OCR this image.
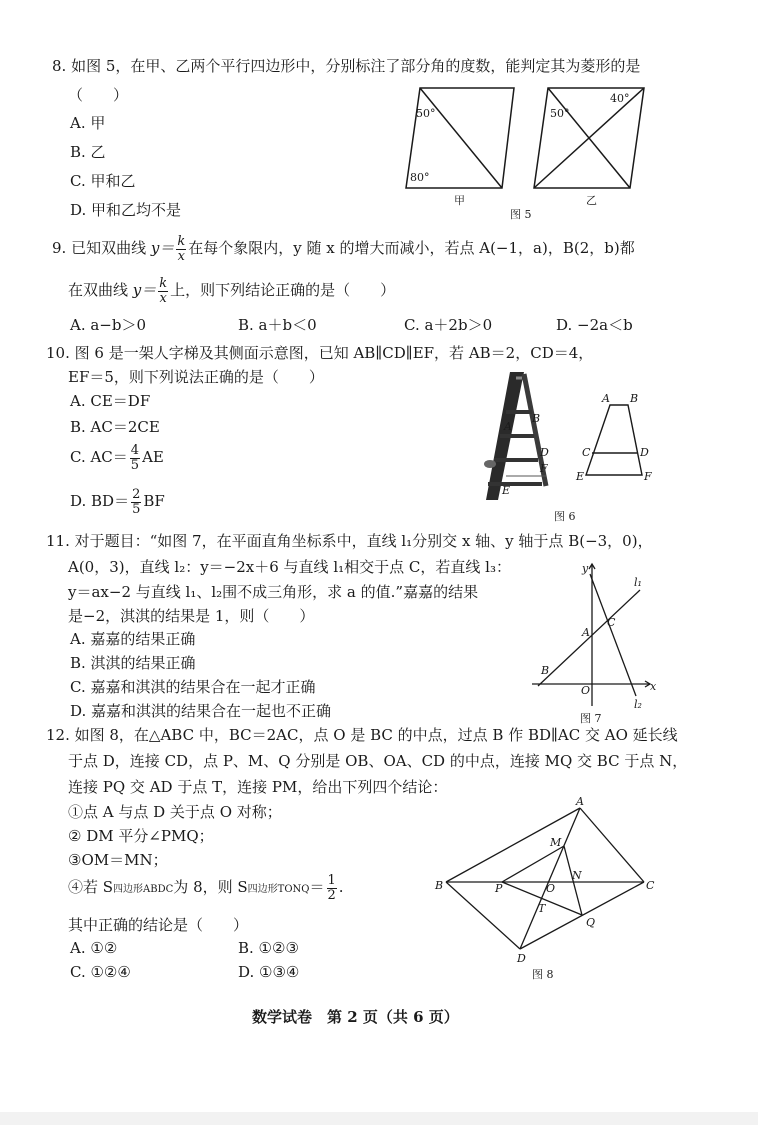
8. 如图 5，在甲、乙两个平行四边形中，分别标注了部分角的度数，能判定其为菱形的是
（　　）
A. 甲
B. 乙
C. 甲和乙
D. 甲和乙均不是
50°
80°
甲
50°
40°
乙
图 5
9. 已知双曲线 $y= \frac{k}{x}$ 在每个象限内，y 随 x 的增大而减小，若点 A(−1，a)，B(2，b)都
在双曲线 $y= \frac{k}{x}$ 上，则下列结论正确的是（　　）
A. a−b＞0	B. a＋b＜0	C. a＋2b＞0	D. −2a＜b
10. 图 6 是一架人字梯及其侧面示意图，已知 AB∥CD∥EF，若 AB＝2，CD＝4，
EF＝5，则下列说法正确的是（　　）
A. CE＝DF
B. AC＝2CE
C. $AC= \frac{4}{5}$ AE
D. $BD= \frac{2}{5}$ BF
A
B
D
F
E
A B
C	D
E	F
图 6
11. 对于题目：“如图 7，在平面直角坐标系中，直线 l₁分别交 x 轴、y 轴于点 B(−3，0)，
A(0，3)，直线 l₂：y＝−2x＋6 与直线 l₁相交于点 C，若直线 l₃：
y＝ax−2 与直线 l₁、l₂围不成三角形，求 a 的值.”嘉嘉的结果
是−2，淇淇的结果是 1，则（　　）
A. 嘉嘉的结果正确
B. 淇淇的结果正确
C. 嘉嘉和淇淇的结果合在一起才正确
D. 嘉嘉和淇淇的结果合在一起也不正确
y
x
l₁
l₂
A
C
B
O
图 7
12. 如图 8，在△ABC 中，BC＝2AC，点 O 是 BC 的中点，过点 B 作 BD∥AC 交 AO 延长线
于点 D，连接 CD，点 P、M、Q 分别是 OB、OA、CD 的中点，连接 MQ 交 BC 于点 N，
连接 PQ 交 AD 于点 T，连接 PM，给出下列四个结论：
①点 A 与点 D 关于点 O 对称；
② DM 平分∠PMQ；
③OM＝MN；
④若 S四边形ABDC为 8，则 S四边形TONQ＝ $\frac{1}{2}$ .
其中正确的结论是（　　）
A. ①②	B. ①②③
C. ①②④	D. ①③④
A
B	C
D
M
N
O
P
Q
T
图 8
数学试卷　第 2 页（共 6 页）
